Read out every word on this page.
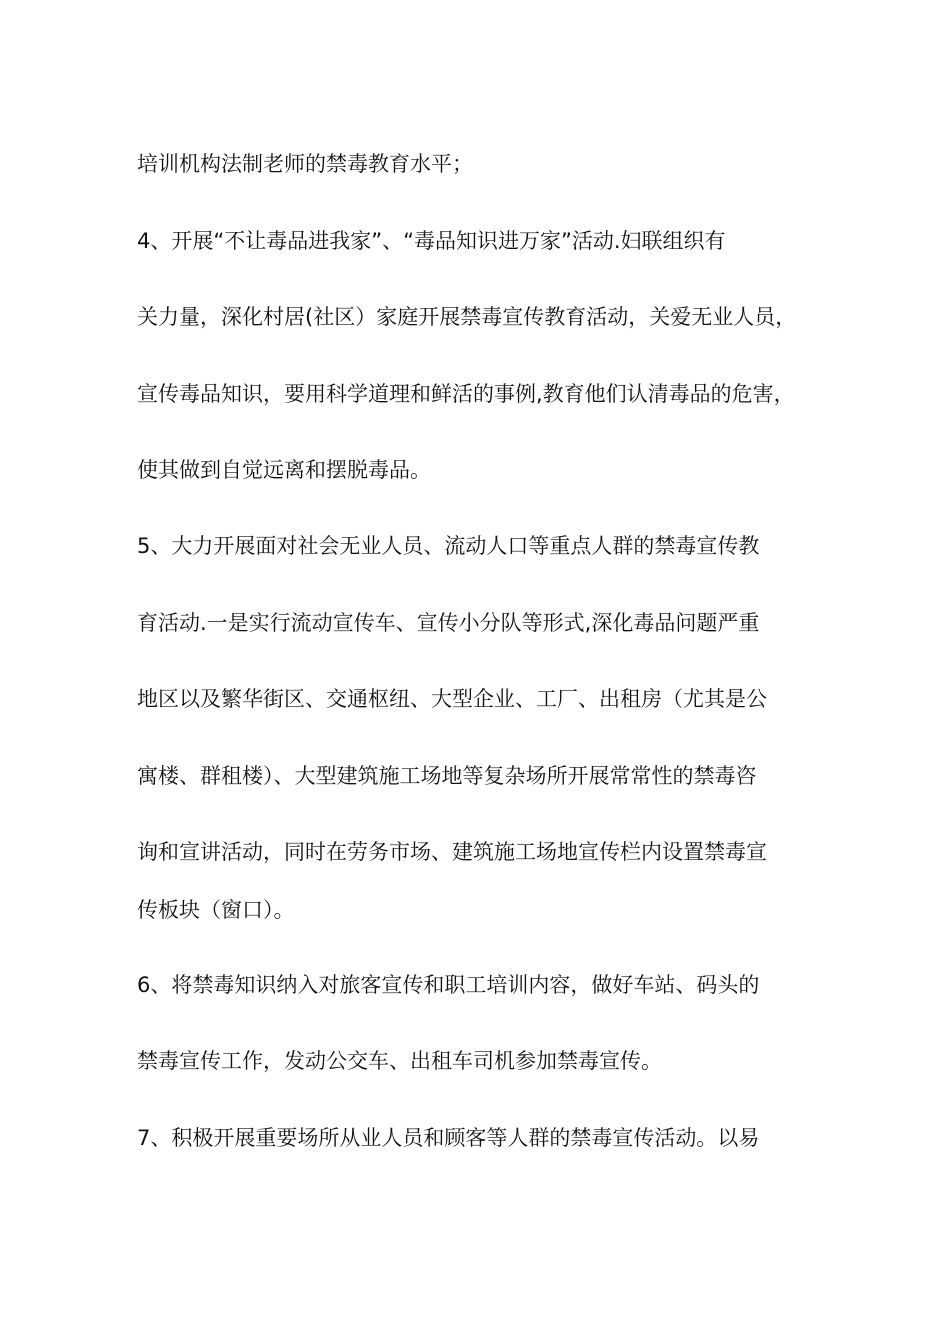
培训机构法制老师的禁毒教育水平；
4、开展“不让毒品进我家”、“毒品知识进万家”活动.妇联组织有
关力量，深化村居(社区）家庭开展禁毒宣传教育活动，关爱无业人员，
宣传毒品知识，要用科学道理和鲜活的事例,教育他们认清毒品的危害，
使其做到自觉远离和摆脱毒品。
5、大力开展面对社会无业人员、流动人口等重点人群的禁毒宣传教
育活动.一是实行流动宣传车、宣传小分队等形式,深化毒品问题严重
地区以及繁华街区、交通枢纽、大型企业、工厂、出租房（尤其是公
寓楼、群租楼）、大型建筑施工场地等复杂场所开展常常性的禁毒咨
询和宣讲活动，同时在劳务市场、建筑施工场地宣传栏内设置禁毒宣
传板块（窗口）。
6、将禁毒知识纳入对旅客宣传和职工培训内容，做好车站、码头的
禁毒宣传工作，发动公交车、出租车司机参加禁毒宣传。
7、积极开展重要场所从业人员和顾客等人群的禁毒宣传活动。以易
